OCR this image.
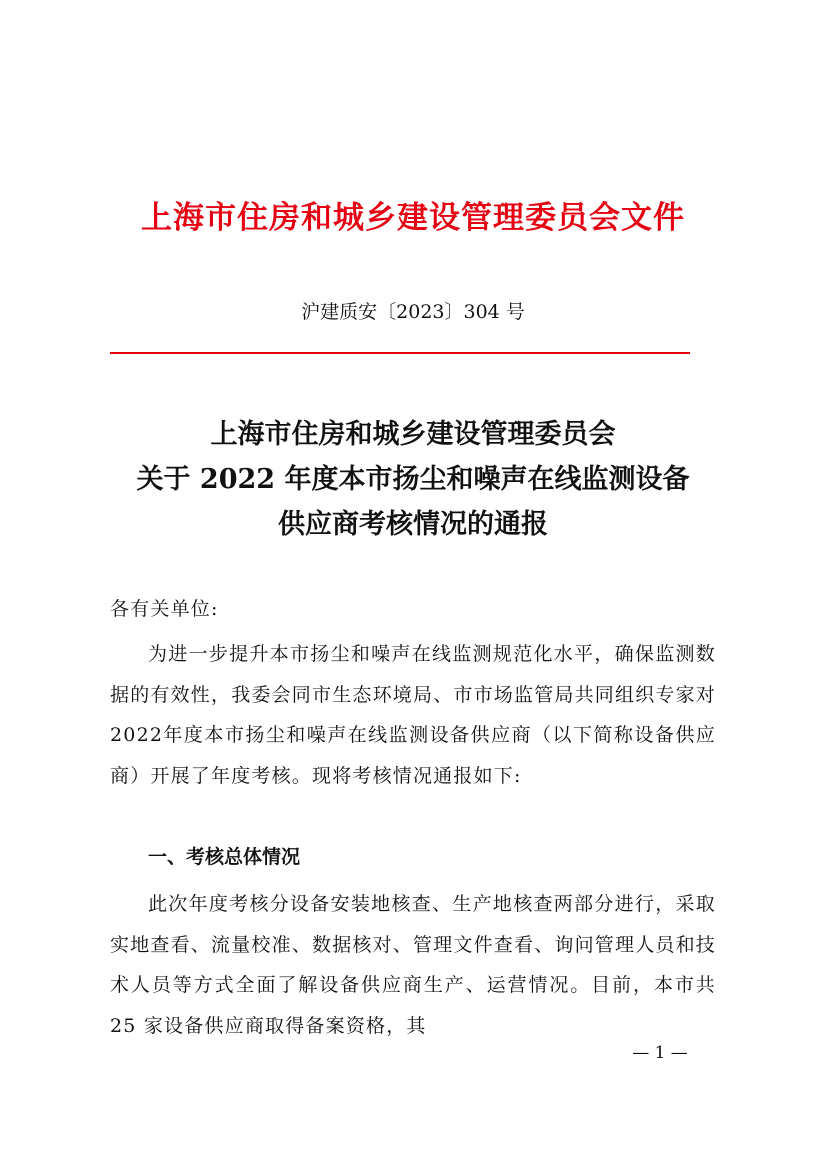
上海市住房和城乡建设管理委员会文件

沪建质安〔2023〕304 号

上海市住房和城乡建设管理委员会
关于 2022 年度本市扬尘和噪声在线监测设备
供应商考核情况的通报

各有关单位:

为进一步提升本市扬尘和噪声在线监测规范化水平，确保监测数据的有效性，我委会同市生态环境局、市市场监管局共同组织专家对2022年度本市扬尘和噪声在线监测设备供应商（以下简称设备供应商）开展了年度考核。现将考核情况通报如下:

一、考核总体情况

此次年度考核分设备安装地核查、生产地核查两部分进行，采取实地查看、流量校准、数据核对、管理文件查看、询问管理人员和技术人员等方式全面了解设备供应商生产、运营情况。目前，本市共 25 家设备供应商取得备案资格，其

— 1 —
